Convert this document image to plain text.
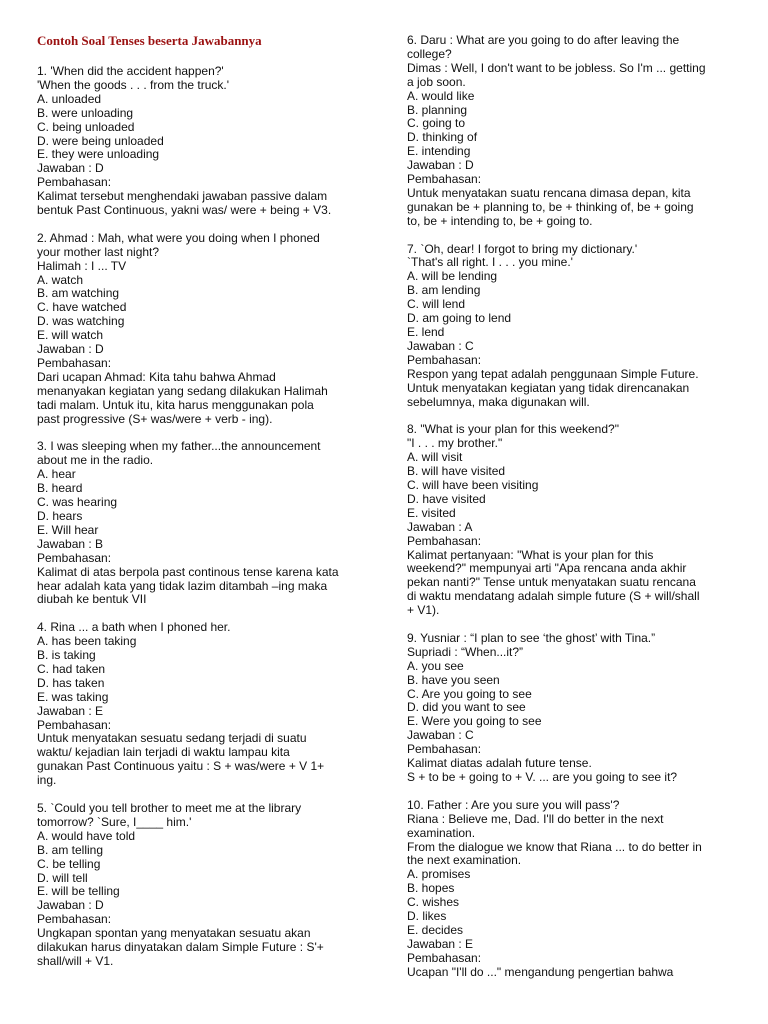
Contoh Soal Tenses beserta Jawabannya
1. 'When did the accident happen?'
'When the goods . . . from the truck.'
A. unloaded
B. were unloading
C. being unloaded
D. were being unloaded
E. they were unloading
Jawaban : D
Pembahasan:
Kalimat tersebut menghendaki jawaban passive dalam
bentuk Past Continuous, yakni was/ were + being + V3.
2. Ahmad : Mah, what were you doing when I phoned
your mother last night?
Halimah : I ... TV
A. watch
B. am watching
C. have watched
D. was watching
E. will watch
Jawaban : D
Pembahasan:
Dari ucapan Ahmad: Kita tahu bahwa Ahmad
menanyakan kegiatan yang sedang dilakukan Halimah
tadi malam. Untuk itu, kita harus menggunakan pola
past progressive (S+ was/were + verb - ing).
3. I was sleeping when my father...the announcement
about me in the radio.
A. hear
B. heard
C. was hearing
D. hears
E. Will hear
Jawaban : B
Pembahasan:
Kalimat di atas berpola past continous tense karena kata
hear adalah kata yang tidak lazim ditambah –ing maka
diubah ke bentuk VII
4. Rina ... a bath when I phoned her.
A. has been taking
B. is taking
C. had taken
D. has taken
E. was taking
Jawaban : E
Pembahasan:
Untuk menyatakan sesuatu sedang terjadi di suatu
waktu/ kejadian lain terjadi di waktu lampau kita
gunakan Past Continuous yaitu : S + was/were + V 1+
ing.
5. `Could you tell brother to meet me at the library
tomorrow? `Sure, I____ him.'
A. would have told
B. am telling
C. be telling
D. will tell
E. will be telling
Jawaban : D
Pembahasan:
Ungkapan spontan yang menyatakan sesuatu akan
dilakukan harus dinyatakan dalam Simple Future : S'+
shall/will + V1.
6. Daru : What are you going to do after leaving the
college?
Dimas : Well, I don't want to be jobless. So I'm ... getting
a job soon.
A. would like
B. planning
C. going to
D. thinking of
E. intending
Jawaban : D
Pembahasan:
Untuk menyatakan suatu rencana dimasa depan, kita
gunakan be + planning to, be + thinking of, be + going
to, be + intending to, be + going to.
7. `Oh, dear! I forgot to bring my dictionary.'
`That's all right. I . . . you mine.'
A. will be lending
B. am lending
C. will lend
D. am going to lend
E. lend
Jawaban : C
Pembahasan:
Respon yang tepat adalah penggunaan Simple Future.
Untuk menyatakan kegiatan yang tidak direncanakan
sebelumnya, maka digunakan will.
8. "What is your plan for this weekend?"
"I . . . my brother."
A. will visit
B. will have visited
C. will have been visiting
D. have visited
E. visited
Jawaban : A
Pembahasan:
Kalimat pertanyaan: "What is your plan for this
weekend?" mempunyai arti "Apa rencana anda akhir
pekan nanti?" Tense untuk menyatakan suatu rencana
di waktu mendatang adalah simple future (S + will/shall
+ V1).
9. Yusniar : “I plan to see ‘the ghost’ with Tina.”
Supriadi : “When...it?”
A. you see
B. have you seen
C. Are you going to see
D. did you want to see
E. Were you going to see
Jawaban : C
Pembahasan:
Kalimat diatas adalah future tense.
S + to be + going to + V. ... are you going to see it?
10. Father : Are you sure you will pass'?
Riana : Believe me, Dad. I'll do better in the next
examination.
From the dialogue we know that Riana ... to do better in
the next examination.
A. promises
B. hopes
C. wishes
D. likes
E. decides
Jawaban : E
Pembahasan:
Ucapan "I'll do ..." mengandung pengertian bahwa
